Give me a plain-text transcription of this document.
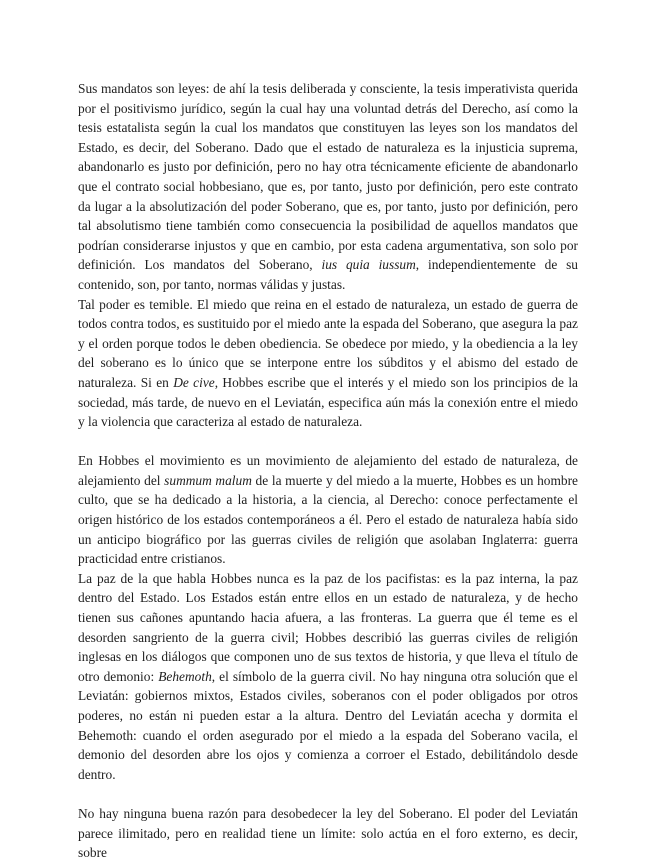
Sus mandatos son leyes: de ahí la tesis deliberada y consciente, la tesis imperativista querida por el positivismo jurídico, según la cual hay una voluntad detrás del Derecho, así como la tesis estatalista según la cual los mandatos que constituyen las leyes son los mandatos del Estado, es decir, del Soberano. Dado que el estado de naturaleza es la injusticia suprema, abandonarlo es justo por definición, pero no hay otra técnicamente eficiente de abandonarlo que el contrato social hobbesiano, que es, por tanto, justo por definición, pero este contrato da lugar a la absolutización del poder Soberano, que es, por tanto, justo por definición, pero tal absolutismo tiene también como consecuencia la posibilidad de aquellos mandatos que podrían considerarse injustos y que en cambio, por esta cadena argumentativa, son solo por definición. Los mandatos del Soberano, ius quia iussum, independientemente de su contenido, son, por tanto, normas válidas y justas.

Tal poder es temible. El miedo que reina en el estado de naturaleza, un estado de guerra de todos contra todos, es sustituido por el miedo ante la espada del Soberano, que asegura la paz y el orden porque todos le deben obediencia. Se obedece por miedo, y la obediencia a la ley del soberano es lo único que se interpone entre los súbditos y el abismo del estado de naturaleza. Si en De cive, Hobbes escribe que el interés y el miedo son los principios de la sociedad, más tarde, de nuevo en el Leviatán, especifica aún más la conexión entre el miedo y la violencia que caracteriza al estado de naturaleza.

En Hobbes el movimiento es un movimiento de alejamiento del estado de naturaleza, de alejamiento del summum malum de la muerte y del miedo a la muerte, Hobbes es un hombre culto, que se ha dedicado a la historia, a la ciencia, al Derecho: conoce perfectamente el origen histórico de los estados contemporáneos a él. Pero el estado de naturaleza había sido un anticipo biográfico por las guerras civiles de religión que asolaban Inglaterra: guerra practicidad entre cristianos.

La paz de la que habla Hobbes nunca es la paz de los pacifistas: es la paz interna, la paz dentro del Estado. Los Estados están entre ellos en un estado de naturaleza, y de hecho tienen sus cañones apuntando hacia afuera, a las fronteras. La guerra que él teme es el desorden sangriento de la guerra civil; Hobbes describió las guerras civiles de religión inglesas en los diálogos que componen uno de sus textos de historia, y que lleva el título de otro demonio: Behemoth, el símbolo de la guerra civil. No hay ninguna otra solución que el Leviatán: gobiernos mixtos, Estados civiles, soberanos con el poder obligados por otros poderes, no están ni pueden estar a la altura. Dentro del Leviatán acecha y dormita el Behemoth: cuando el orden asegurado por el miedo a la espada del Soberano vacila, el demonio del desorden abre los ojos y comienza a corroer el Estado, debilitándolo desde dentro.

No hay ninguna buena razón para desobedecer la ley del Soberano. El poder del Leviatán parece ilimitado, pero en realidad tiene un límite: solo actúa en el foro externo, es decir, sobre
